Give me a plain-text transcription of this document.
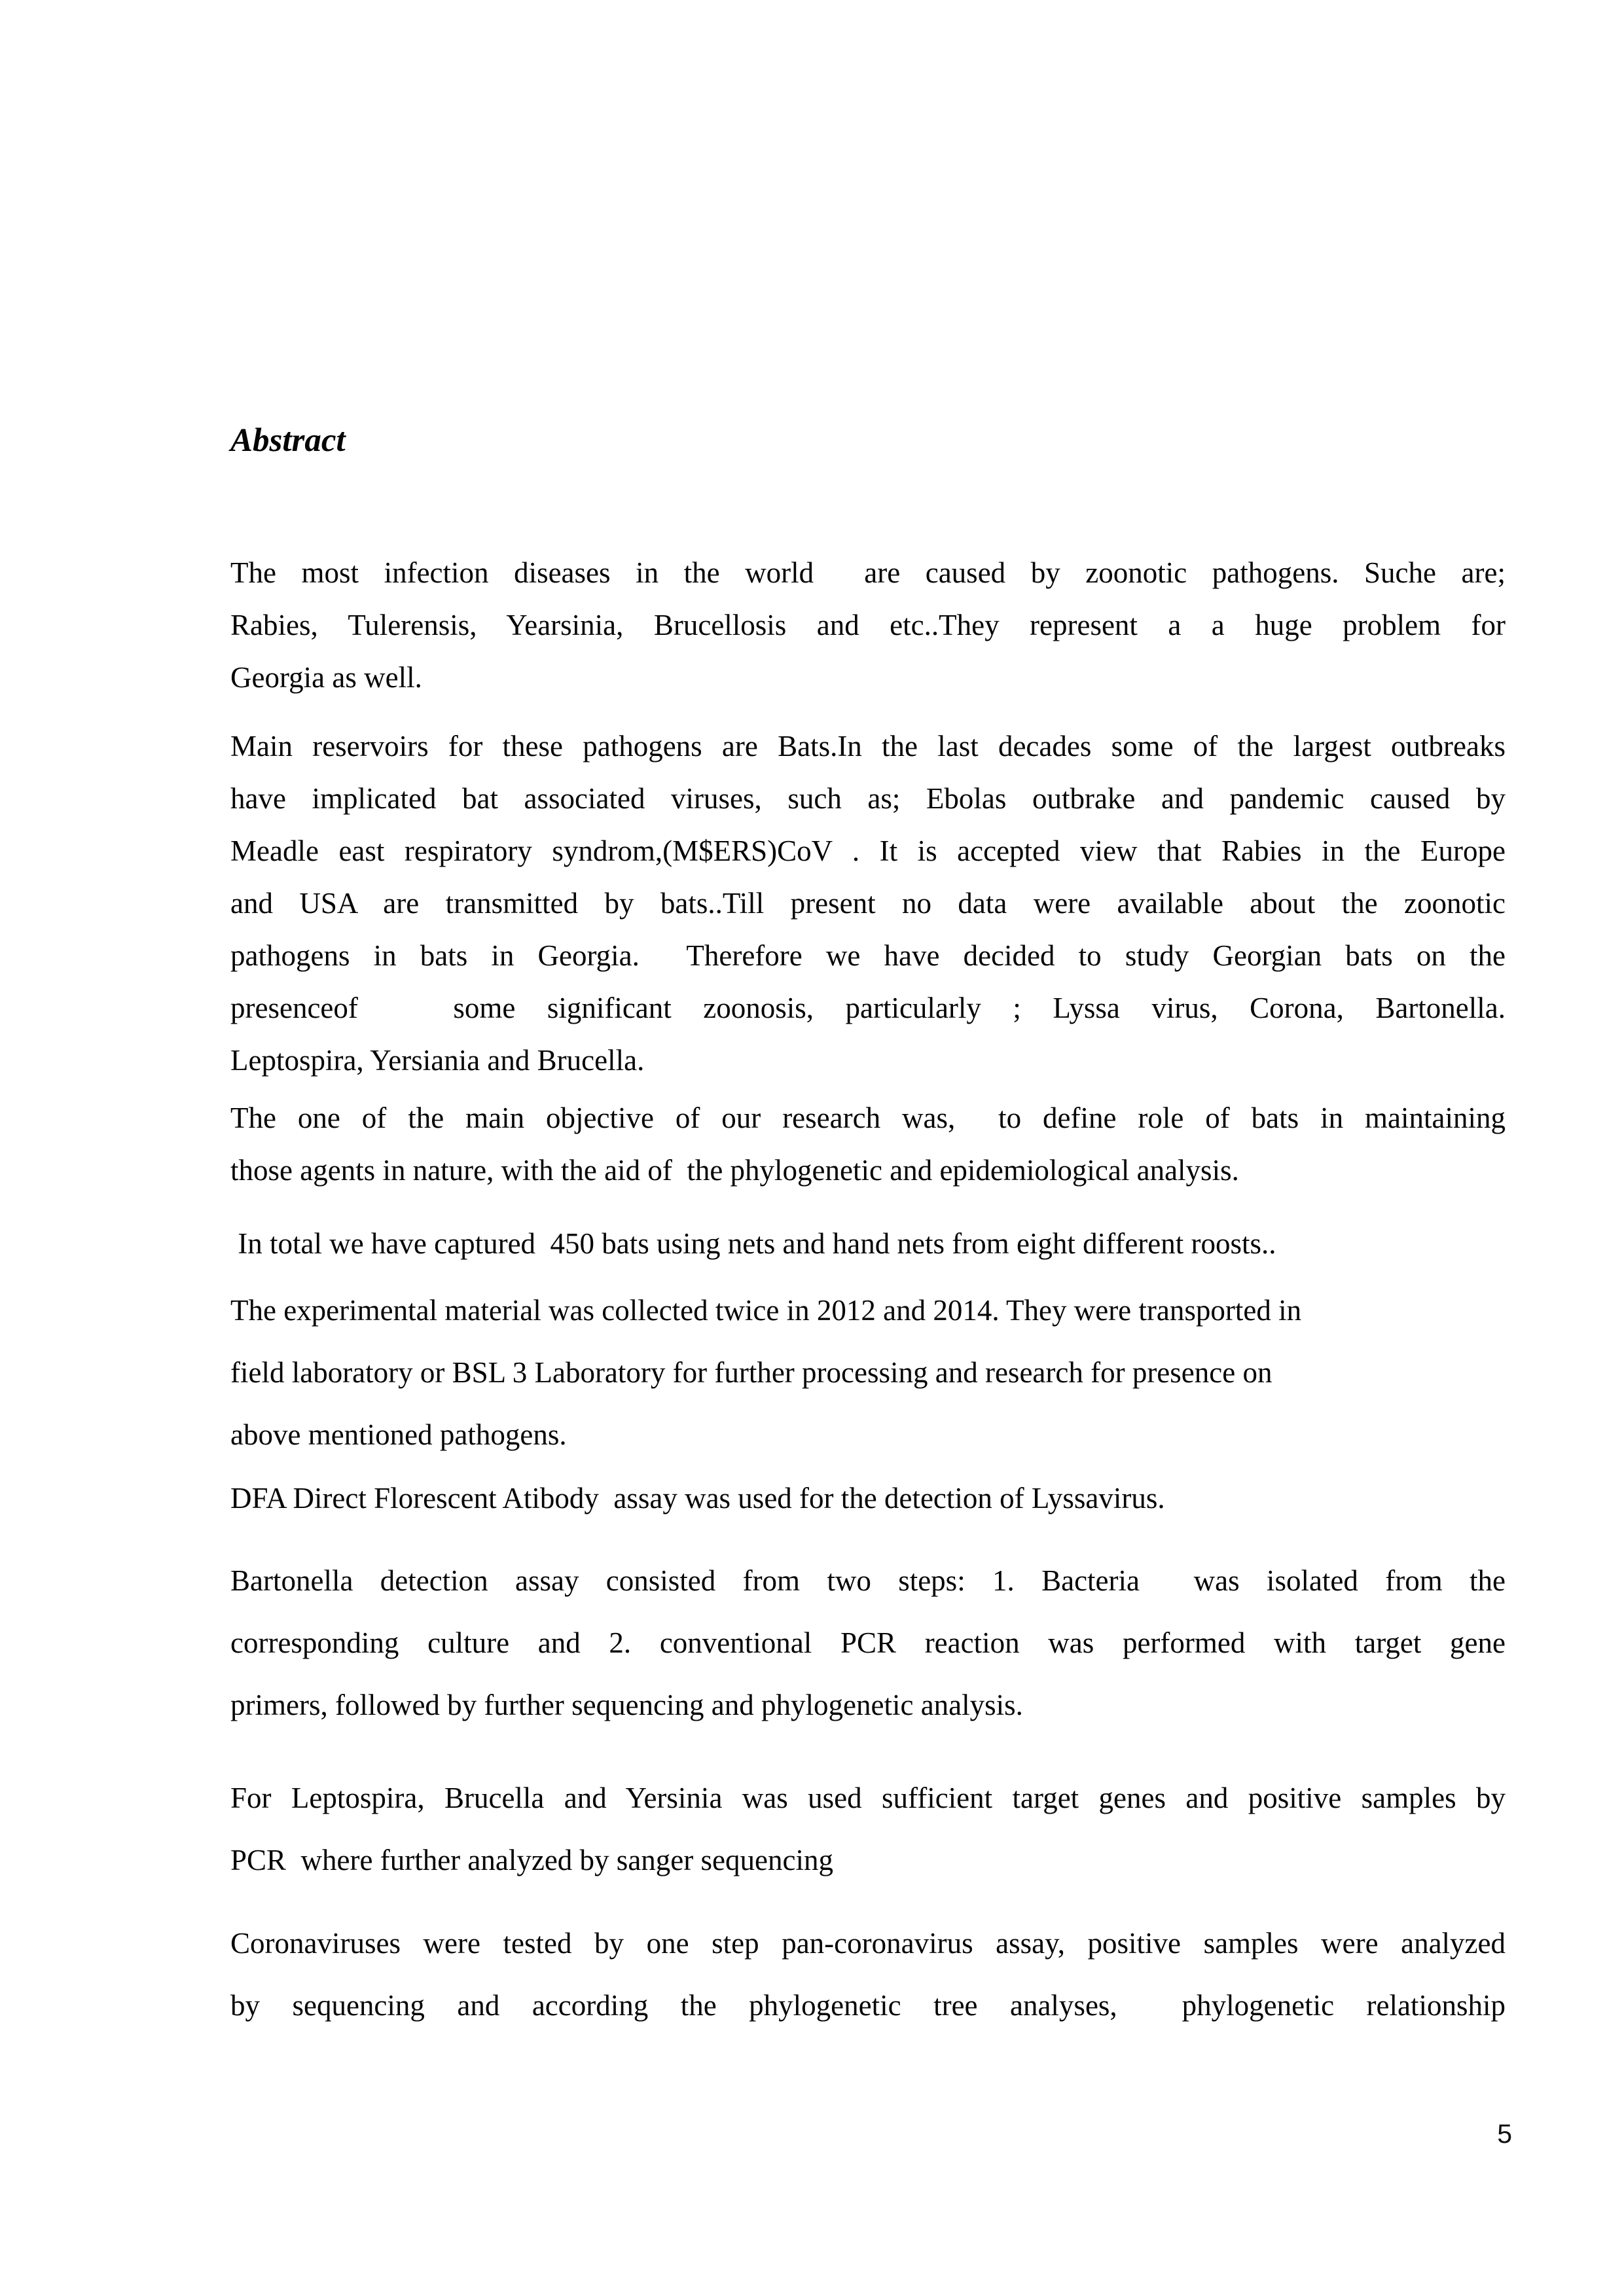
Abstract
The most infection diseases in the world  are caused by zoonotic pathogens. Suche are;
Rabies, Tulerensis, Yearsinia, Brucellosis and etc..They represent a a huge problem for
Georgia as well.
Main reservoirs for these pathogens are Bats.In the last decades some of the largest outbreaks
have implicated bat associated viruses, such as; Ebolas outbrake and pandemic caused by
Meadle east respiratory syndrom,(M$ERS)CoV . It is accepted view that Rabies in the Europe
and USA are transmitted by bats..Till present no data were available about the zoonotic
pathogens in bats in Georgia.  Therefore we have decided to study Georgian bats on the
presenceof   some significant zoonosis, particularly ; Lyssa virus, Corona, Bartonella.
Leptospira, Yersiania and Brucella.
The one of the main objective of our research was,  to define role of bats in maintaining
those agents in nature, with the aid of  the phylogenetic and epidemiological analysis.
In total we have captured  450 bats using nets and hand nets from eight different roosts..
The experimental material was collected twice in 2012 and 2014. They were transported in
field laboratory or BSL 3 Laboratory for further processing and research for presence on
above mentioned pathogens.
DFA Direct Florescent Atibody  assay was used for the detection of Lyssavirus.
Bartonella detection assay consisted from two steps: 1. Bacteria  was isolated from the
corresponding culture and 2. conventional PCR reaction was performed with target gene
primers, followed by further sequencing and phylogenetic analysis.
For Leptospira, Brucella and Yersinia was used sufficient target genes and positive samples by
PCR  where further analyzed by sanger sequencing
Coronaviruses were tested by one step pan-coronavirus assay, positive samples were analyzed
by sequencing and according the phylogenetic tree analyses,  phylogenetic relationship
5
